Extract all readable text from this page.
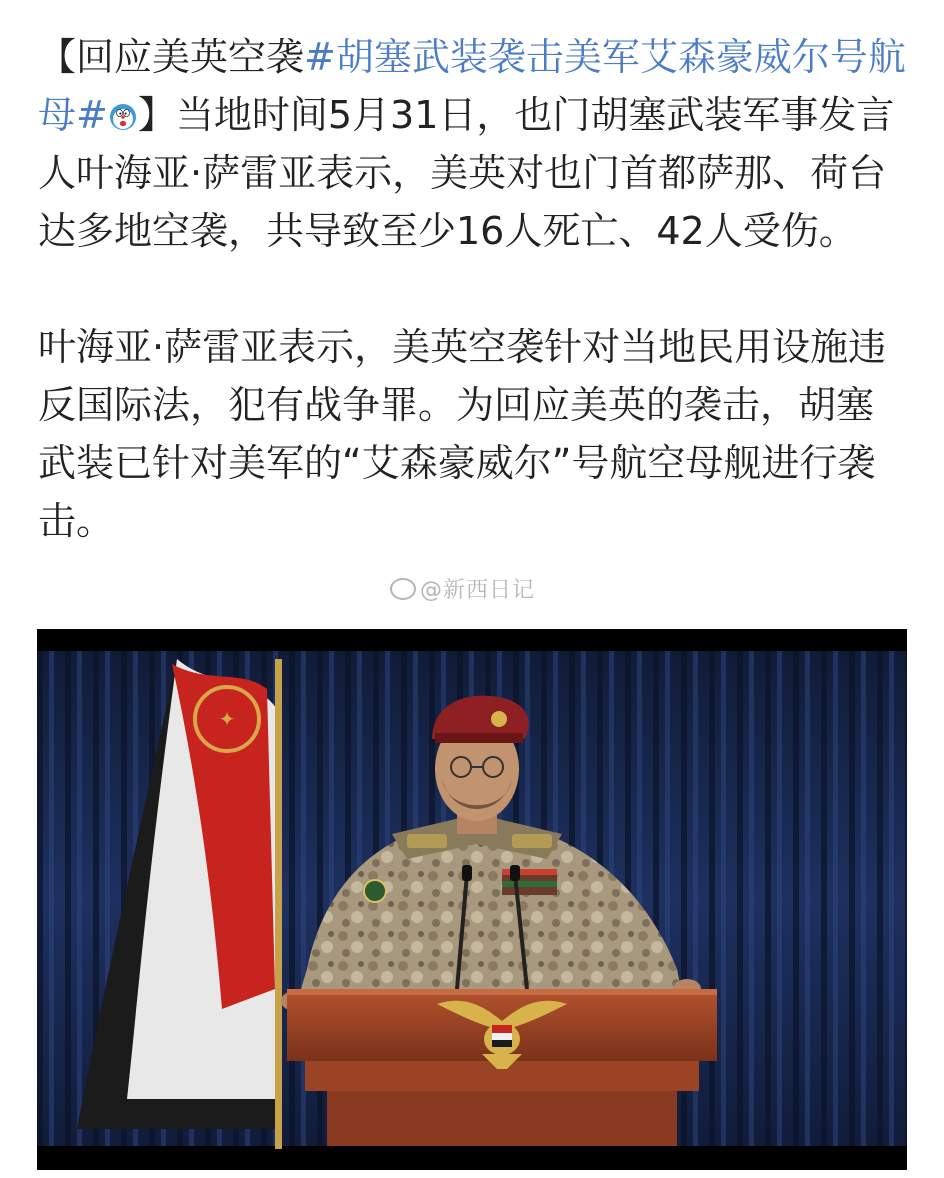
【回应美英空袭#胡塞武装袭击美军艾森豪威尔号航母# 】当地时间5月31日，也门胡塞武装军事发言人叶海亚·萨雷亚表示，美英对也门首都萨那、荷台达多地空袭，共导致至少16人死亡、42人受伤。

叶海亚·萨雷亚表示，美英空袭针对当地民用设施违反国际法，犯有战争罪。为回应美英的袭击，胡塞武装已针对美军的“艾森豪威尔”号航空母舰进行袭击。

@新西日记
✦
